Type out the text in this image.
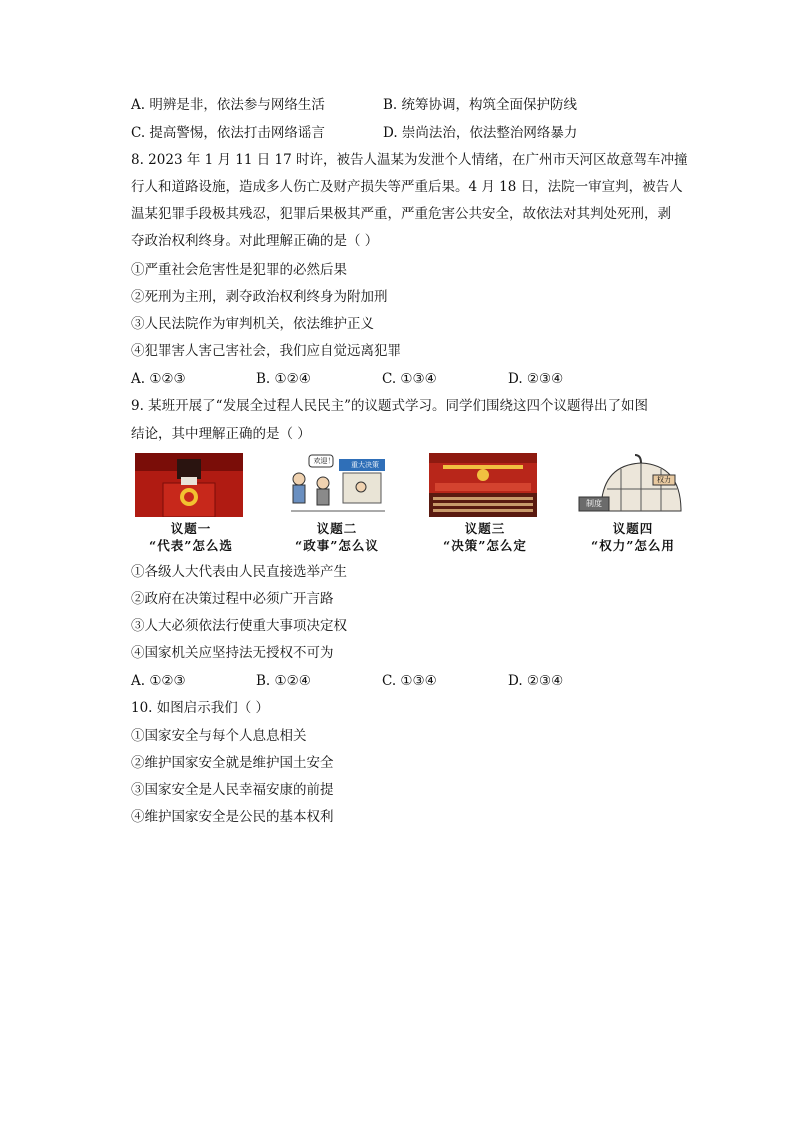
A. 明辨是非，依法参与网络生活	B. 统筹协调，构筑全面保护防线
C. 提高警惕，依法打击网络谣言	D. 崇尚法治，依法整治网络暴力
8. 2023 年 1 月 11 日 17 时许，被告人温某为发泄个人情绪，在广州市天河区故意驾车冲撞
行人和道路设施，造成多人伤亡及财产损失等严重后果。4 月 18 日，法院一审宣判，被告人
温某犯罪手段极其残忍，犯罪后果极其严重，严重危害公共安全，故依法对其判处死刑，剥
夺政治权利终身。对此理解正确的是（ ）
①严重社会危害性是犯罪的必然后果
②死刑为主刑，剥夺政治权利终身为附加刑
③人民法院作为审判机关，依法维护正义
④犯罪害人害己害社会，我们应自觉远离犯罪
A. ①②③	B. ①②④	C. ①③④	D. ②③④
9. 某班开展了“发展全过程人民民主”的议题式学习。同学们围绕这四个议题得出了如图
结论，其中理解正确的是（ ）
议题一
“代表”怎么选
重大决策
欢迎！
议题二
“政事”怎么议
议题三
“决策”怎么定
制度
权力
议题四
“权力”怎么用
①各级人大代表由人民直接选举产生
②政府在决策过程中必须广开言路
③人大必须依法行使重大事项决定权
④国家机关应坚持法无授权不可为
A. ①②③	B. ①②④	C. ①③④	D. ②③④
10. 如图启示我们（ ）
①国家安全与每个人息息相关
②维护国家安全就是维护国土安全
③国家安全是人民幸福安康的前提
④维护国家安全是公民的基本权利
